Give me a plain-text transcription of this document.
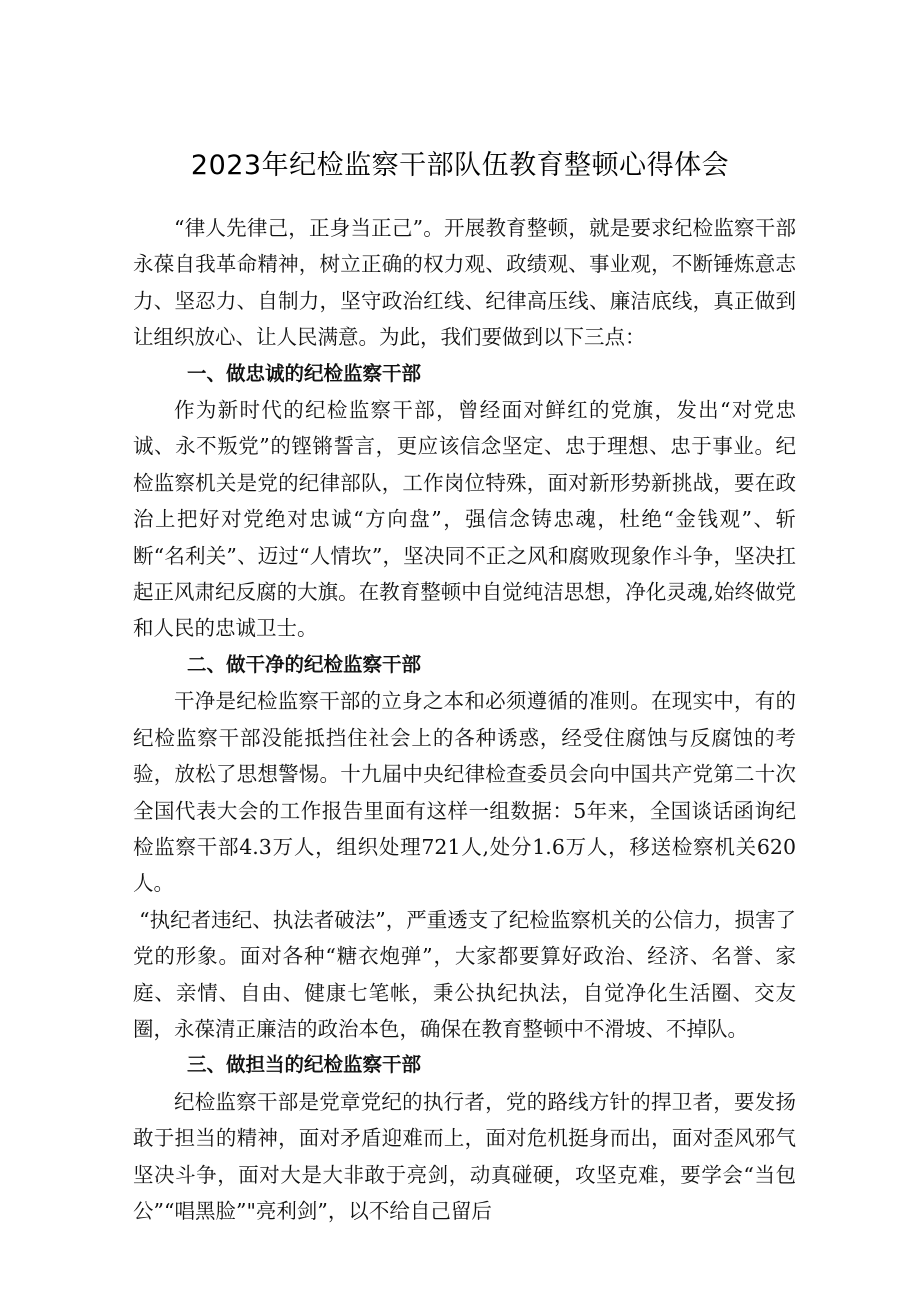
2023年纪检监察干部队伍教育整顿心得体会

“律人先律己，正身当正己”。开展教育整顿，就是要求纪检监察干部永葆自我革命精神，树立正确的权力观、政绩观、事业观，不断锤炼意志力、坚忍力、自制力，坚守政治红线、纪律高压线、廉洁底线，真正做到让组织放心、让人民满意。为此，我们要做到以下三点：

一、做忠诚的纪检监察干部

作为新时代的纪检监察干部，曾经面对鲜红的党旗，发出“对党忠诚、永不叛党”的铿锵誓言，更应该信念坚定、忠于理想、忠于事业。纪检监察机关是党的纪律部队，工作岗位特殊，面对新形势新挑战，要在政治上把好对党绝对忠诚“方向盘”，强信念铸忠魂，杜绝“金钱观”、斩断“名利关”、迈过“人情坎”，坚决同不正之风和腐败现象作斗争，坚决扛起正风肃纪反腐的大旗。在教育整顿中自觉纯洁思想，净化灵魂,始终做党和人民的忠诚卫士。

二、做干净的纪检监察干部

干净是纪检监察干部的立身之本和必须遵循的准则。在现实中，有的纪检监察干部没能抵挡住社会上的各种诱惑，经受住腐蚀与反腐蚀的考验，放松了思想警惕。十九届中央纪律检查委员会向中国共产党第二十次全国代表大会的工作报告里面有这样一组数据：5年来，全国谈话函询纪检监察干部4.3万人，组织处理721人,处分1.6万人，移送检察机关620人。

“执纪者违纪、执法者破法”，严重透支了纪检监察机关的公信力，损害了党的形象。面对各种“糖衣炮弹”，大家都要算好政治、经济、名誉、家庭、亲情、自由、健康七笔帐，秉公执纪执法，自觉净化生活圈、交友圈，永葆清正廉洁的政治本色，确保在教育整顿中不滑坡、不掉队。

三、做担当的纪检监察干部

纪检监察干部是党章党纪的执行者，党的路线方针的捍卫者，要发扬敢于担当的精神，面对矛盾迎难而上，面对危机挺身而出，面对歪风邪气坚决斗争，面对大是大非敢于亮剑，动真碰硬，攻坚克难，要学会“当包公”“唱黑脸”"亮利剑”，以不给自己留后
